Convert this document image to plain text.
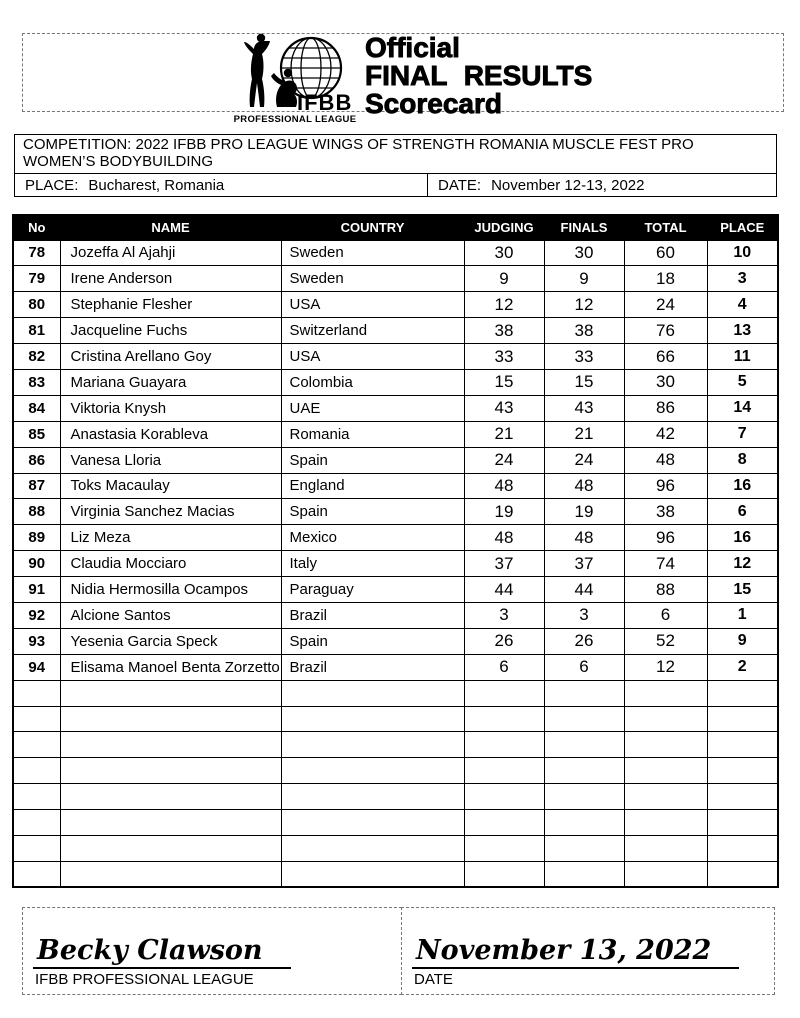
IFBB
PROFESSIONAL LEAGUE
Official
FINAL RESULTS
Scorecard
COMPETITION: 2022 IFBB PRO LEAGUE WINGS OF STRENGTH ROMANIA MUSCLE FEST PRO WOMEN’S BODYBUILDING
PLACE: Bucharest, Romania	DATE: November 12-13, 2022
No	NAME	COUNTRY	JUDGING	FINALS	TOTAL	PLACE
78	Jozeffa Al Ajahji	Sweden	30	30	60	10
79	Irene Anderson	Sweden	9	9	18	3
80	Stephanie Flesher	USA	12	12	24	4
81	Jacqueline Fuchs	Switzerland	38	38	76	13
82	Cristina Arellano Goy	USA	33	33	66	11
83	Mariana Guayara	Colombia	15	15	30	5
84	Viktoria Knysh	UAE	43	43	86	14
85	Anastasia Korableva	Romania	21	21	42	7
86	Vanesa Lloria	Spain	24	24	48	8
87	Toks Macaulay	England	48	48	96	16
88	Virginia Sanchez Macias	Spain	19	19	38	6
89	Liz Meza	Mexico	48	48	96	16
90	Claudia Mocciaro	Italy	37	37	74	12
91	Nidia Hermosilla Ocampos	Paraguay	44	44	88	15
92	Alcione Santos	Brazil	3	3	6	1
93	Yesenia Garcia Speck	Spain	26	26	52	9
94	Elisama Manoel Benta Zorzetto	Brazil	6	6	12	2

Becky Clawson
IFBB PROFESSIONAL LEAGUE
November 13, 2022
DATE
